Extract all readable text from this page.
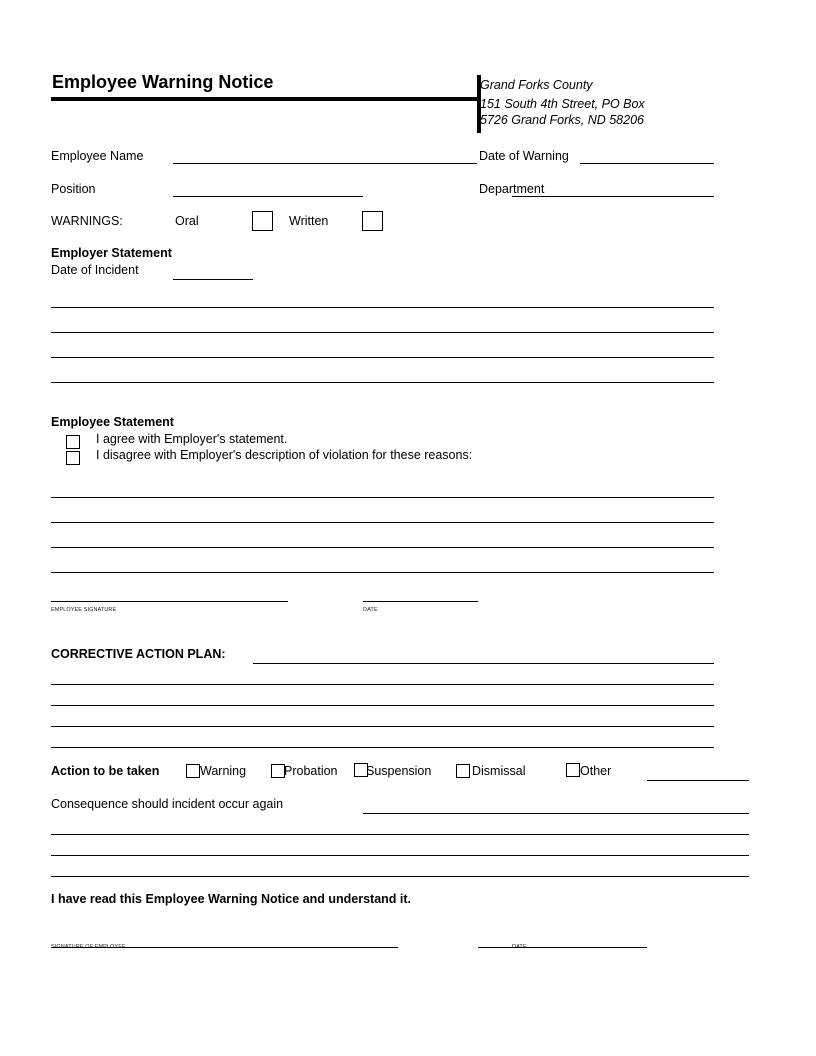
Employee Warning Notice	Grand Forks County
151 South 4th Street, PO Box
5726 Grand Forks, ND 58206
Employee Name	Date of Warning
Position	Department
WARNINGS:	Oral	Written
Employer Statement
Date of Incident
Employee Statement
I agree with Employer's statement.
I disagree with Employer's description of violation for these reasons:
EMPLOYEE SIGNATURE	DATE
CORRECTIVE ACTION PLAN:
Action to be taken	Warning	Probation Suspension	Dismissal	Other
Consequence should incident occur again
I have read this Employee Warning Notice and understand it.
SIGNATURE OF EMPLOYEE	DATE
